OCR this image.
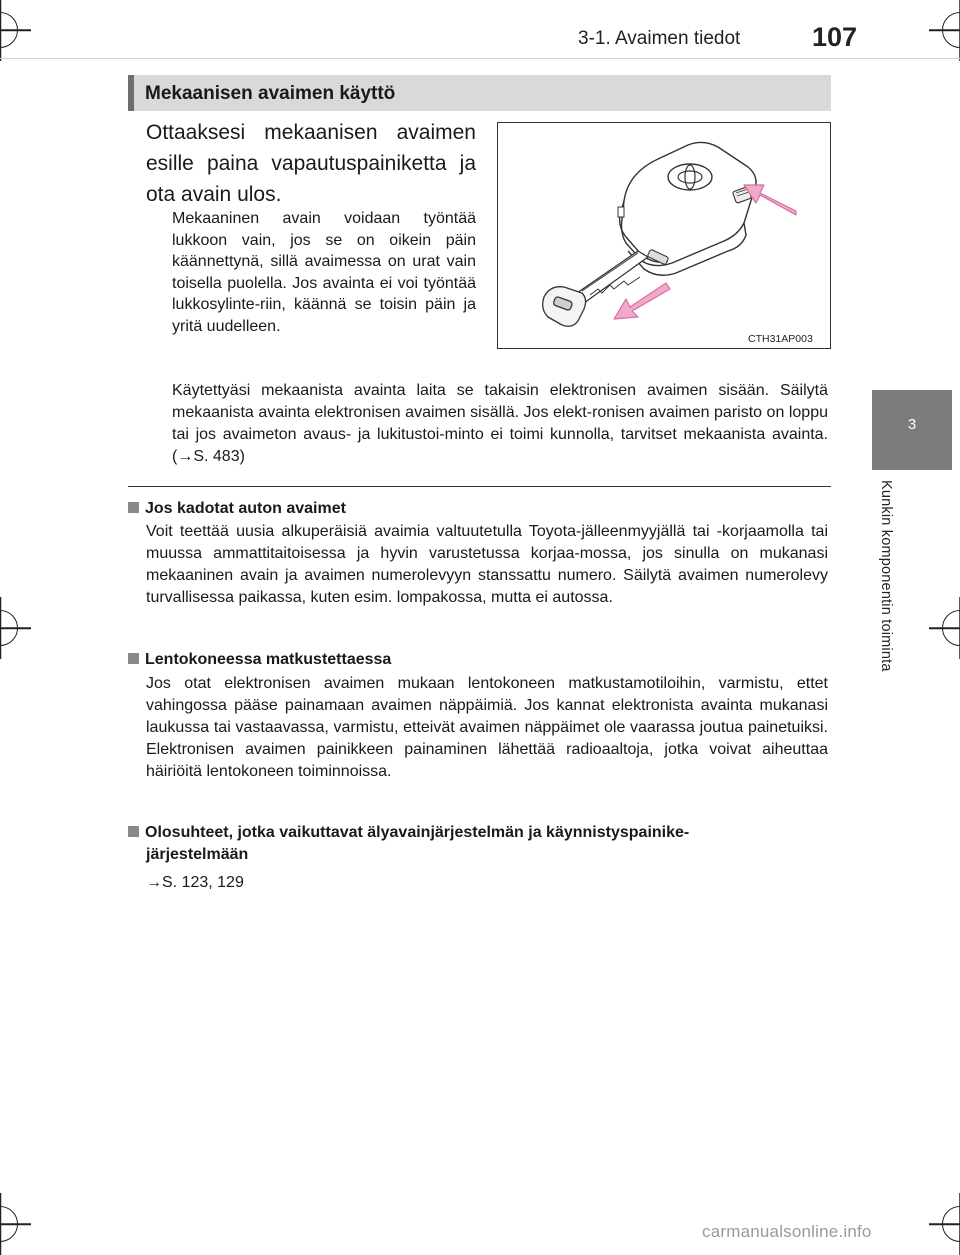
3-1. Avaimen tiedot	107
3
Kunkin komponentin toiminta
Mekaanisen avaimen käyttö
Ottaaksesi mekaanisen avaimen esille paina vapautuspainiketta ja ota avain ulos.
Mekaaninen avain voidaan työntää lukkoon vain, jos se on oikein päin käännettynä, sillä avaimessa on urat vain toisella puolella. Jos avainta ei voi työntää lukkosylinte-riin, käännä se toisin päin ja yritä uudelleen.
Käytettyäsi mekaanista avainta laita se takaisin elektronisen avaimen sisään. Säilytä mekaanista avainta elektronisen avaimen sisällä. Jos elekt-ronisen avaimen paristo on loppu tai jos avaimeton avaus- ja lukitustoi-minto ei toimi kunnolla, tarvitset mekaanista avainta. (→S. 483)
CTH31AP003
Jos kadotat auton avaimet
Voit teettää uusia alkuperäisiä avaimia valtuutetulla Toyota-jälleenmyyjällä tai -korjaamolla tai muussa ammattitaitoisessa ja hyvin varustetussa korjaa-mossa, jos sinulla on mukanasi mekaaninen avain ja avaimen numerolevyyn stanssattu numero. Säilytä avaimen numerolevy turvallisessa paikassa, kuten esim. lompakossa, mutta ei autossa.
Lentokoneessa matkustettaessa
Jos otat elektronisen avaimen mukaan lentokoneen matkustamotiloihin, varmistu, ettet vahingossa pääse painamaan avaimen näppäimiä. Jos kannat elektronista avainta mukanasi laukussa tai vastaavassa, varmistu, etteivät avaimen näppäimet ole vaarassa joutua painetuiksi. Elektronisen avaimen painikkeen painaminen lähettää radioaaltoja, jotka voivat aiheuttaa häiriöitä lentokoneen toiminnoissa.
Olosuhteet, jotka vaikuttavat älyavainjärjestelmän ja käynnistyspainike-
järjestelmään
→S. 123, 129
carmanualsonline.info
